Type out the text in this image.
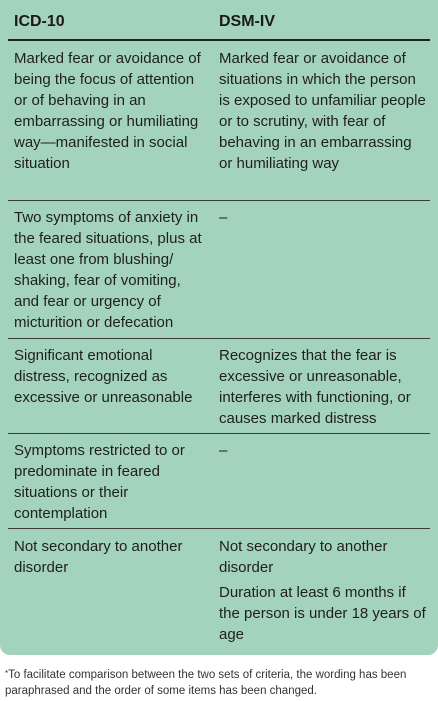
ICD-10	DSM-IV

Marked fear or avoidance of being the focus of attention or of behaving in an embarrassing or humiliating way—manifested in social situation

Marked fear or avoidance of situations in which the person is exposed to unfamiliar people or to scrutiny, with fear of behaving in an embarrassing or humiliating way

Two symptoms of anxiety in the feared situations, plus at least one from blushing/ shaking, fear of vomiting, and fear or urgency of micturition or defecation

–

Significant emotional distress, recognized as excessive or unreasonable

Recognizes that the fear is excessive or unreasonable, interferes with functioning, or causes marked distress

Symptoms restricted to or predominate in feared situations or their contemplation

–

Not secondary to another disorder

Not secondary to another disorder

Duration at least 6 months if the person is under 18 years of age

*To facilitate comparison between the two sets of criteria, the wording has been paraphrased and the order of some items has been changed.
